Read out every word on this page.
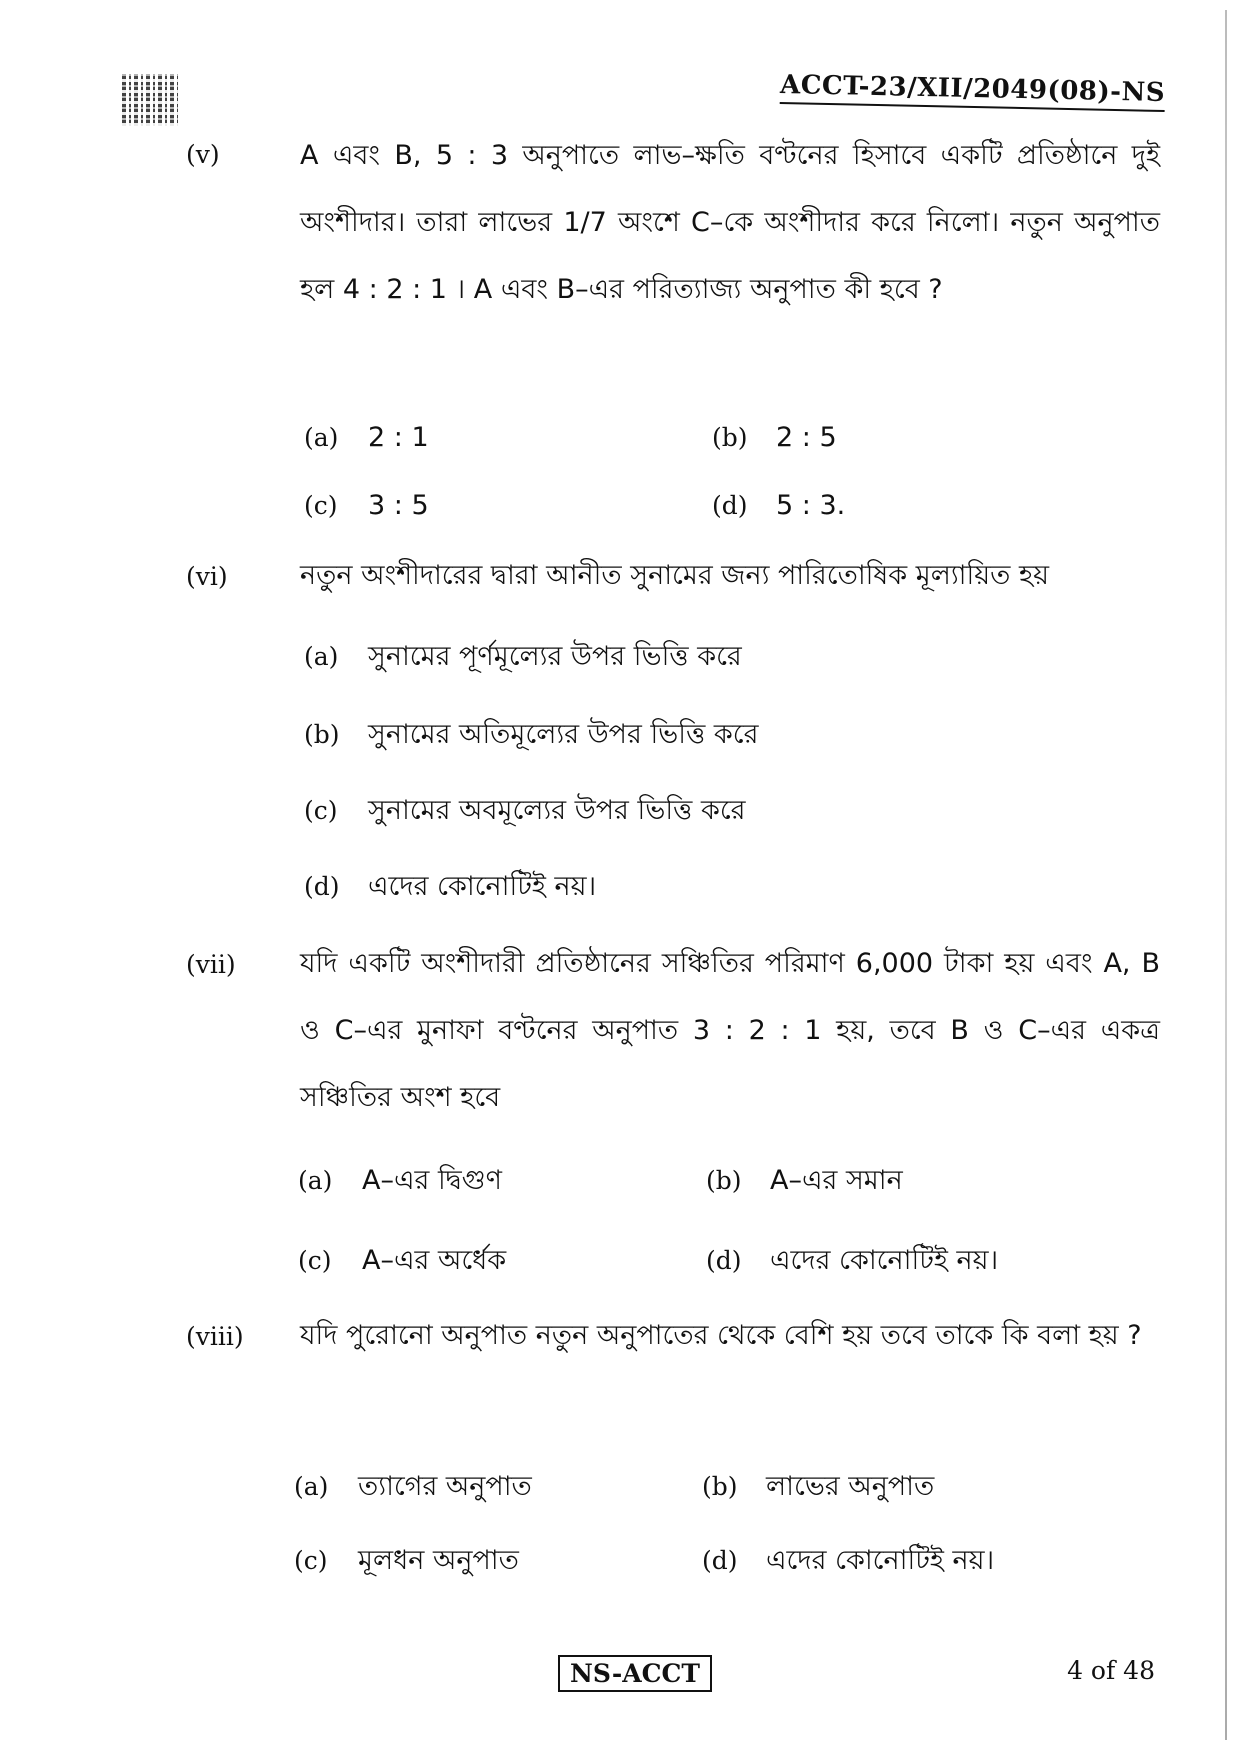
ACCT-23/XII/2049(08)-NS
(v)	A এবং B, 5 : 3 অনুপাতে লাভ–ক্ষতি বণ্টনের হিসাবে একটি প্রতিষ্ঠানে দুই অংশীদার। তারা লাভের 1/7 অংশে C–কে অংশীদার করে নিলো। নতুন অনুপাত হল 4 : 2 : 1 । A এবং B–এর পরিত্যাজ্য অনুপাত কী হবে ?
(a) 2 : 1	(b) 2 : 5
(c) 3 : 5	(d) 5 : 3.
(vi)	নতুন অংশীদারের দ্বারা আনীত সুনামের জন্য পারিতোষিক মূল্যায়িত হয়
(a) সুনামের পূর্ণমূল্যের উপর ভিত্তি করে
(b) সুনামের অতিমূল্যের উপর ভিত্তি করে
(c) সুনামের অবমূল্যের উপর ভিত্তি করে
(d) এদের কোনোটিই নয়।
(vii) যদি একটি অংশীদারী প্রতিষ্ঠানের সঞ্চিতির পরিমাণ 6,000 টাকা হয় এবং A, B ও C–এর মুনাফা বণ্টনের অনুপাত 3 : 2 : 1 হয়, তবে B ও C–এর একত্র সঞ্চিতির অংশ হবে
(a) A–এর দ্বিগুণ	(b) A–এর সমান
(c) A–এর অর্ধেক	(d) এদের কোনোটিই নয়।
(viii) যদি পুরোনো অনুপাত নতুন অনুপাতের থেকে বেশি হয় তবে তাকে কি বলা হয় ?
(a) ত্যাগের অনুপাত	(b) লাভের অনুপাত
(c) মূলধন অনুপাত	(d) এদের কোনোটিই নয়।
NS-ACCT	4 of 48
